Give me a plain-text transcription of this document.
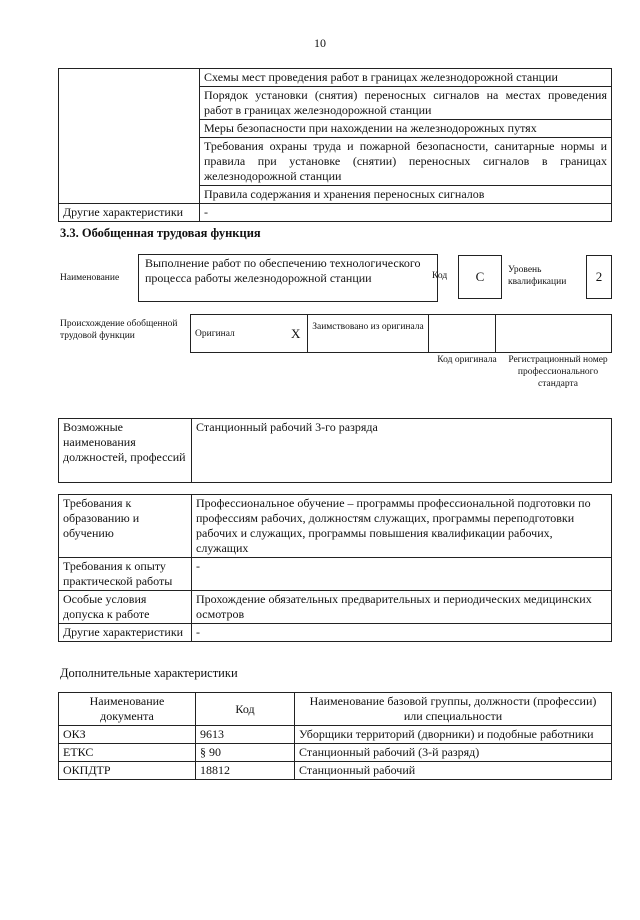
10
	Схемы мест проведения работ в границах железнодорожной станции
	Порядок установки (снятия) переносных сигналов на местах проведения работ в границах железнодорожной станции
	Меры безопасности при нахождении на железнодорожных путях
	Требования охраны труда и пожарной безопасности, санитарные нормы и правила при установке (снятии) переносных сигналов в границах железнодорожной станции
	Правила содержания и хранения переносных сигналов
Другие характеристики	-
3.3. Обобщенная трудовая функция
Наименование
Выполнение работ по обеспечению технологического процесса работы железнодорожной станции	Код	C	Уровень квалификации	2
Происхождение обобщенной трудовой функции	Оригинал	X	Заимствовано из оригинала		
Код оригинала Регистрационный номер профессионального стандарта
Возможные наименования должностей, профессий	Станционный рабочий 3-го разряда
Требования к образованию и обучению	Профессиональное обучение – программы профессиональной подготовки по профессиям рабочих, должностям служащих, программы переподготовки рабочих и служащих, программы повышения квалификации рабочих, служащих
Требования к опыту практической работы	-
Особые условия допуска к работе	Прохождение обязательных предварительных и периодических медицинских осмотров
Другие характеристики	-
Дополнительные характеристики
Наименование документа	Код	Наименование базовой группы, должности (профессии) или специальности
ОКЗ	9613	Уборщики территорий (дворники) и подобные работники
ЕТКС	§ 90	Станционный рабочий (3-й разряд)
ОКПДТР	18812	Станционный рабочий
